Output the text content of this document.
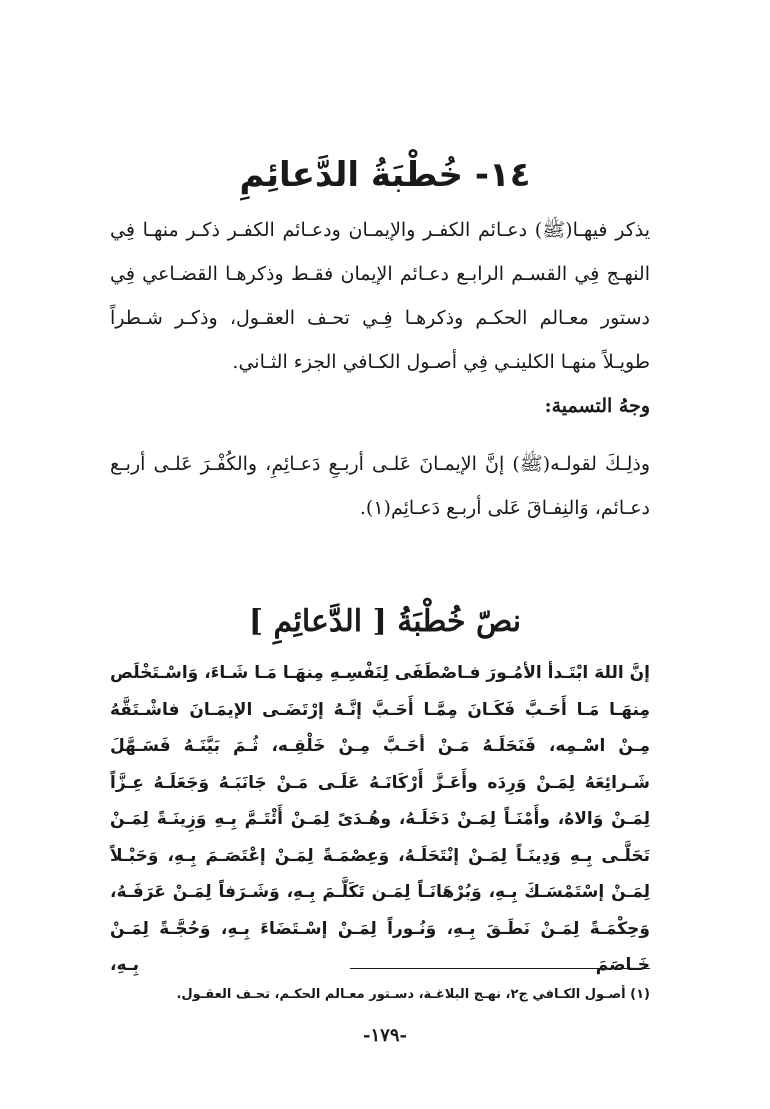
١٤- خُطْبَةُ الدَّعائِمِ

يذكر فيهـا(ﷺ) دعـائم الكفـر والإيمـان ودعـائم الكفـر ذكـر منهـا فِي النهـج فِي القسـم الرابـع دعـائم الإيمان فقـط وذكرهـا القضـاعي فِي دستور معـالم الحكـم وذكرهـا فِـي تحـف العقـول، وذكـر شـطراً طويـلاً منهـا الكلينـي فِي أصـول الكـافي الجزء الثـاني.

وجهُ التسمية:

وذلِـكَ لقولـه(ﷺ) إنَّ الإيمـانَ عَلـى أربـعِ دَعـائِمِ، والكُفْـرَ عَلـى أربـع دعـائم، وَالنِفـاقَ عَلى أربـع دَعـائِم(١).

نصّ خُطْبَةُ [ الدَّعائِمِ ]

إنَّ اللهَ ابْتَـدأ الأمُـورَ فـاصْطَفَى لِنَفْسِـهِ مِنهَـا مَـا شَـاءَ، وَاسْـتَخْلَص مِنهَـا مَـا أَحَـبَّ فَكَـانَ مِمَّـا أَحَـبَّ إنَّـهُ إرْتَضَـى الإيمَـانَ فاشْـتَقَّهُ مِـنْ اسْـمِه، فَنَحَلَـهُ مَـنْ أحَـبَّ مِـنْ خَلْقِـه، ثُـمَ بَيَّنَـهُ فَسَـهَّلَ شَـرائِعَهُ لِمَـنْ وَرِدَه وأَعَـزَّ أَرْكَانَـهُ عَلَـى مَـنْ جَانَبَـهُ وَجَعَلَـهُ عِـزَّاً لِمَـنْ وَالاهُ، وأَمْنَـاً لِمَـنْ دَخَلَـهُ، وهُـدَىً لِمَـنْ أَئْتَـمَّ بِـهِ وَزِينَـةً لِمَـنْ تَحَلَّـى بِـهِ وَدِينَـاً لِمَـنْ إنْتَحَلَـهُ، وَعِصْمَـةً لِمَـنْ إعْتَصَـمَ بِـهِ، وَحَبْـلاً لِمَـنْ إسْتَمْسَـكَ بِـهِ، وَبُرْهَانَـاً لِمَـن تَكَلَّـمَ بِـهِ، وَشَـرَفاً لِمَـنْ عَرَفَـهُ، وَحِكْمَـةً لِمَـنْ نَطَـقَ بِـهِ، وَنُـوراً لِمَـنْ إسْـتَضَاءَ بِـهِ، وَحُجَّـةً لِمَـنْ خَـاصَمَ بِـهِ،

(١) أصـول الكـافي ج٢، نهـج البلاغـة، دسـتور معـالم الحكـم، تحـف العقـول.

-١٧٩-
